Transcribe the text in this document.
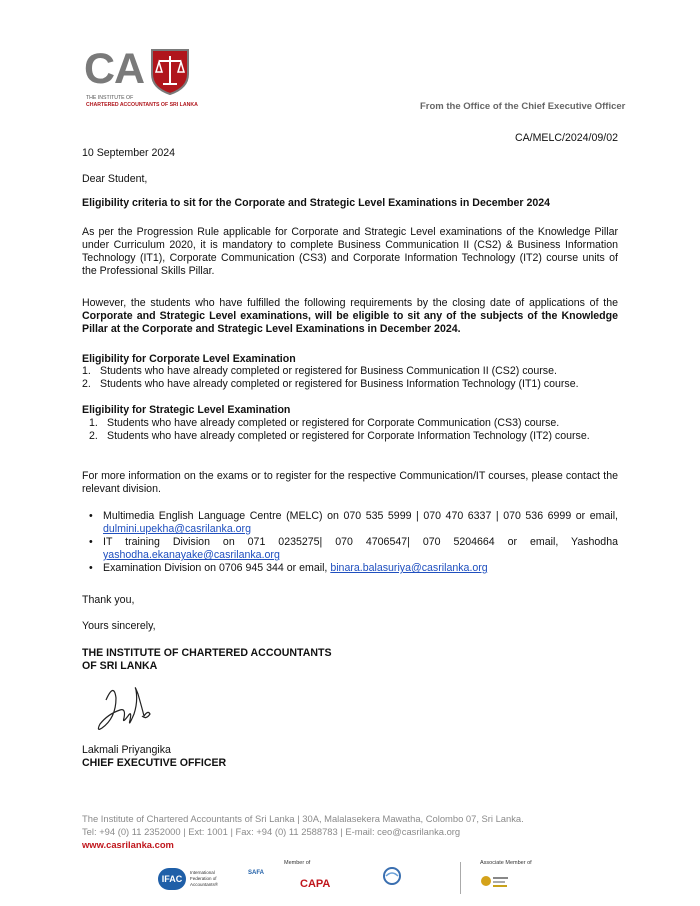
CA
THE INSTITUTE OF
CHARTERED ACCOUNTANTS OF SRI LANKA	From the Office of the Chief Executive Officer
CA/MELC/2024/09/02
10 September 2024
Dear Student,
Eligibility criteria to sit for the Corporate and Strategic Level Examinations in December 2024
As per the Progression Rule applicable for Corporate and Strategic Level examinations of the Knowledge Pillar under Curriculum 2020, it is mandatory to complete Business Communication II (CS2) & Business Information Technology (IT1), Corporate Communication (CS3) and Corporate Information Technology (IT2) course units of the Professional Skills Pillar.
However, the students who have fulfilled the following requirements by the closing date of applications of the Corporate and Strategic Level examinations, will be eligible to sit any of the subjects of the Knowledge Pillar at the Corporate and Strategic Level Examinations in December 2024.
Eligibility for Corporate Level Examination
1. Students who have already completed or registered for Business Communication II (CS2) course.
2. Students who have already completed or registered for Business Information Technology (IT1) course.
Eligibility for Strategic Level Examination
1. Students who have already completed or registered for Corporate Communication (CS3) course.
2. Students who have already completed or registered for Corporate Information Technology (IT2) course.
For more information on the exams or to register for the respective Communication/IT courses, please contact the relevant division.
• Multimedia English Language Centre (MELC) on 070 535 5999 | 070 470 6337 | 070 536 6999 or email, dulmini.upekha@casrilanka.org
• IT training Division on 071 0235275| 070 4706547| 070 5204664 or email, Yashodha yashodha.ekanayake@casrilanka.org
• Examination Division on 0706 945 344 or email, binara.balasuriya@casrilanka.org
Thank you,
Yours sincerely,
THE INSTITUTE OF CHARTERED ACCOUNTANTS
OF SRI LANKA
Lakmali Priyangika
CHIEF EXECUTIVE OFFICER
The Institute of Chartered Accountants of Sri Lanka | 30A, Malalasekera Mawatha, Colombo 07, Sri Lanka.
Tel: +94 (0) 11 2352000 | Ext: 1001 | Fax: +94 (0) 11 2588783 | E-mail: ceo@casrilanka.org
www.casrilanka.com
IFAC
International Federation of Accountants®
SAFA
Member of
CAPA
Associate Member of
